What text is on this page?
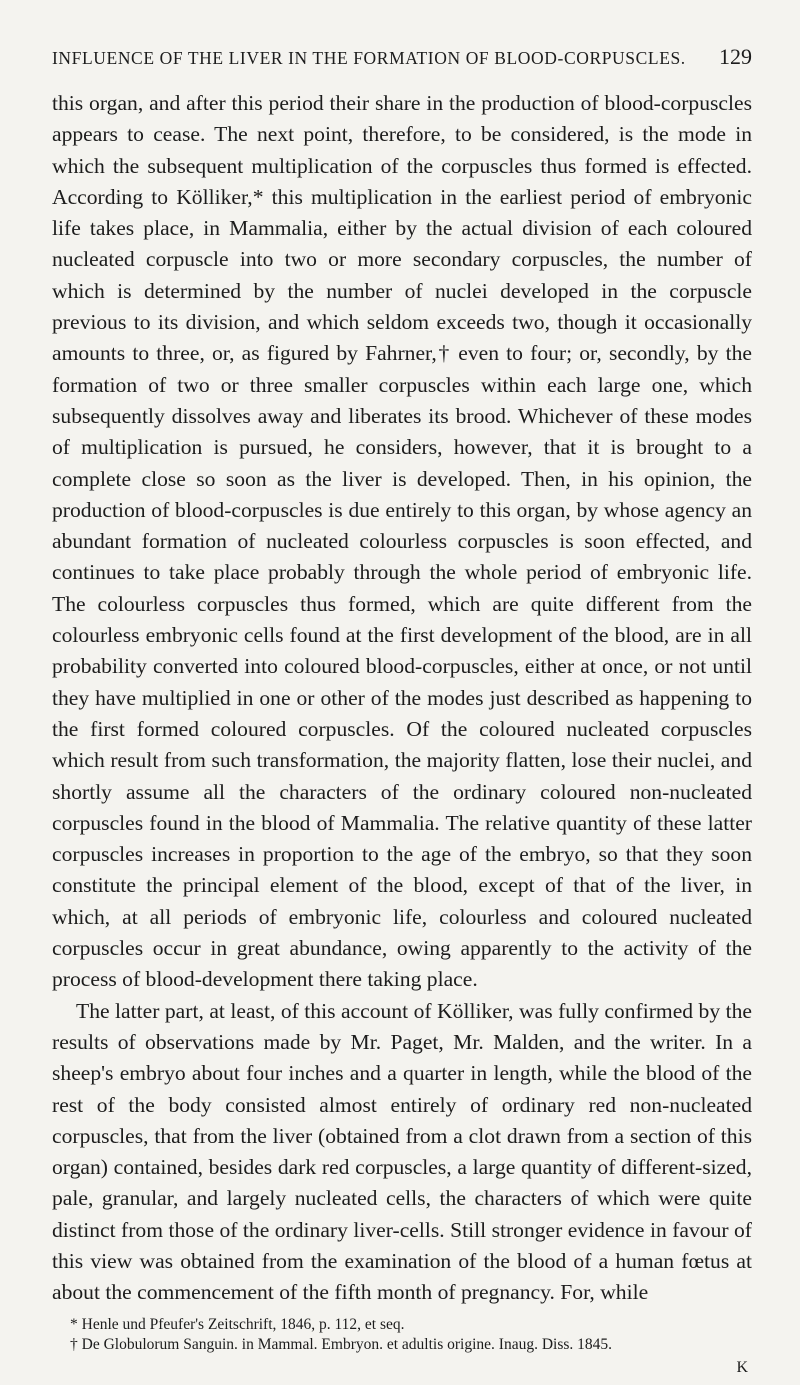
INFLUENCE OF THE LIVER IN THE FORMATION OF BLOOD-CORPUSCLES. 129

this organ, and after this period their share in the production of blood-corpuscles appears to cease. The next point, therefore, to be considered, is the mode in which the subsequent multiplication of the corpuscles thus formed is effected. According to Kölliker,* this multiplication in the earliest period of embryonic life takes place, in Mammalia, either by the actual division of each coloured nucleated corpuscle into two or more secondary corpuscles, the number of which is determined by the number of nuclei developed in the corpuscle previous to its division, and which seldom exceeds two, though it occasionally amounts to three, or, as figured by Fahrner,† even to four; or, secondly, by the formation of two or three smaller corpuscles within each large one, which subsequently dissolves away and liberates its brood. Whichever of these modes of multiplication is pursued, he considers, however, that it is brought to a complete close so soon as the liver is developed. Then, in his opinion, the production of blood-corpuscles is due entirely to this organ, by whose agency an abundant formation of nucleated colourless corpuscles is soon effected, and continues to take place probably through the whole period of embryonic life. The colourless corpuscles thus formed, which are quite different from the colourless embryonic cells found at the first development of the blood, are in all probability converted into coloured blood-corpuscles, either at once, or not until they have multiplied in one or other of the modes just described as happening to the first formed coloured corpuscles. Of the coloured nucleated corpuscles which result from such transformation, the majority flatten, lose their nuclei, and shortly assume all the characters of the ordinary coloured non-nucleated corpuscles found in the blood of Mammalia. The relative quantity of these latter corpuscles increases in proportion to the age of the embryo, so that they soon constitute the principal element of the blood, except of that of the liver, in which, at all periods of embryonic life, colourless and coloured nucleated corpuscles occur in great abundance, owing apparently to the activity of the process of blood-development there taking place.

The latter part, at least, of this account of Kölliker, was fully confirmed by the results of observations made by Mr. Paget, Mr. Malden, and the writer. In a sheep's embryo about four inches and a quarter in length, while the blood of the rest of the body consisted almost entirely of ordinary red non-nucleated corpuscles, that from the liver (obtained from a clot drawn from a section of this organ) contained, besides dark red corpuscles, a large quantity of different-sized, pale, granular, and largely nucleated cells, the characters of which were quite distinct from those of the ordinary liver-cells. Still stronger evidence in favour of this view was obtained from the examination of the blood of a human fœtus at about the commencement of the fifth month of pregnancy. For, while

* Henle und Pfeufer's Zeitschrift, 1846, p. 112, et seq.

† De Globulorum Sanguin. in Mammal. Embryon. et adultis origine. Inaug. Diss. 1845.

K
